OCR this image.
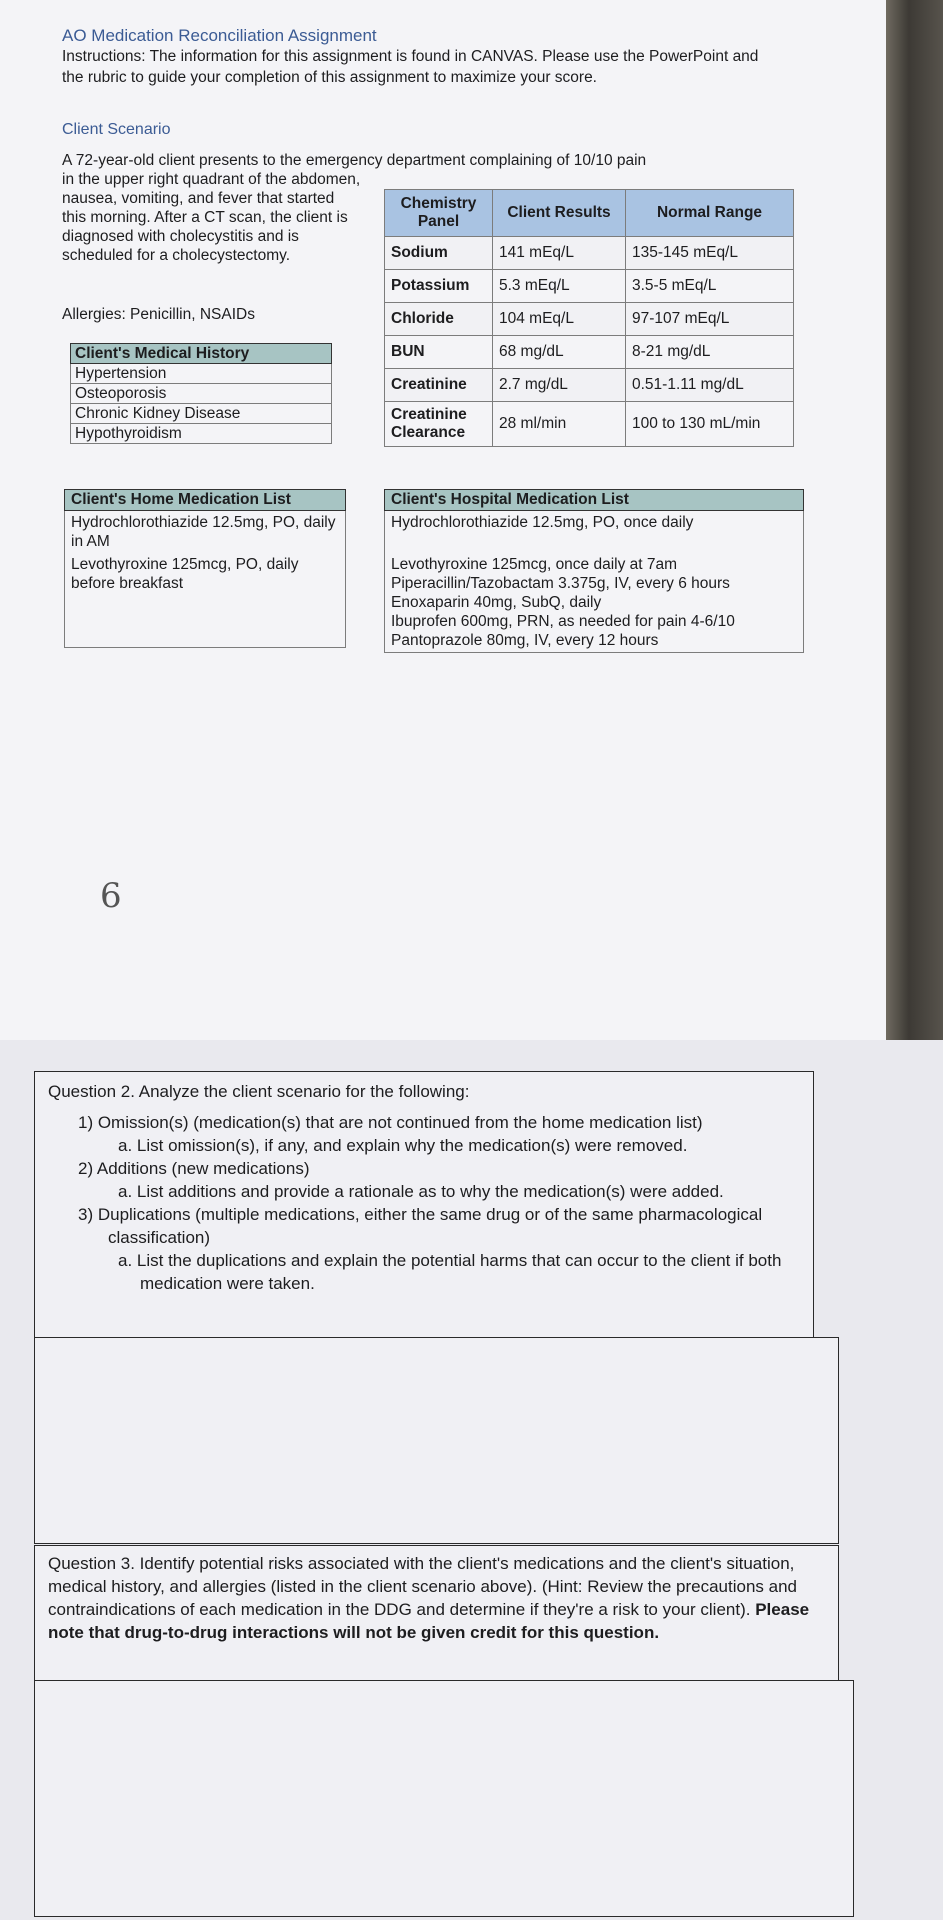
AO Medication Reconciliation Assignment
Instructions: The information for this assignment is found in CANVAS. Please use the PowerPoint and the rubric to guide your completion of this assignment to maximize your score.
Client Scenario
A 72-year-old client presents to the emergency department complaining of 10/10 pain
in the upper right quadrant of the abdomen, nausea, vomiting, and fever that started this morning. After a CT scan, the client is diagnosed with cholecystitis and is scheduled for a cholecystectomy.
Allergies: Penicillin, NSAIDs
Client's Medical History
Hypertension
Osteoporosis
Chronic Kidney Disease
Hypothyroidism
Chemistry Panel	Client Results	Normal Range
Sodium	141 mEq/L	135-145 mEq/L
Potassium	5.3 mEq/L	3.5-5 mEq/L
Chloride	104 mEq/L	97-107 mEq/L
BUN	68 mg/dL	8-21 mg/dL
Creatinine	2.7 mg/dL	0.51-1.11 mg/dL
Creatinine Clearance	28 ml/min	100 to 130 mL/min
Client's Home Medication List

Hydrochlorothiazide 12.5mg, PO, daily in AM
Levothyroxine 125mcg, PO, daily before breakfast
Client's Hospital Medication List

Hydrochlorothiazide 12.5mg, PO, once daily
Levothyroxine 125mcg, once daily at 7am
Piperacillin/Tazobactam 3.375g, IV, every 6 hours
Enoxaparin 40mg, SubQ, daily
Ibuprofen 600mg, PRN, as needed for pain 4-6/10
Pantoprazole 80mg, IV, every 12 hours
6
Question 2. Analyze the client scenario for the following:
1) Omission(s) (medication(s) that are not continued from the home medication list)
a. List omission(s), if any, and explain why the medication(s) were removed.
2) Additions (new medications)
a. List additions and provide a rationale as to why the medication(s) were added.
3) Duplications (multiple medications, either the same drug or of the same pharmacological classification)
a. List the duplications and explain the potential harms that can occur to the client if both medication were taken.
Question 3. Identify potential risks associated with the client's medications and the client's situation, medical history, and allergies (listed in the client scenario above). (Hint: Review the precautions and contraindications of each medication in the DDG and determine if they're a risk to your client). Please note that drug-to-drug interactions will not be given credit for this question.
